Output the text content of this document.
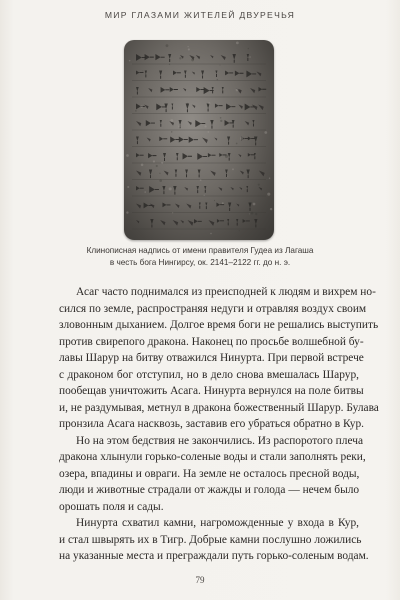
МИР ГЛАЗАМИ ЖИТЕЛЕЙ ДВУРЕЧЬЯ
Клинописная надпись от имени правителя Гудеа из Лагаша
в честь бога Нингирсу, ок. 2141–2122 гг. до н. э.
Асаг часто поднимался из преисподней к людям и вихрем но-
сился по земле, распространяя недуги и отравляя воздух своим
зловонным дыханием. Долгое время боги не решались выступить
против свирепого дракона. Наконец по просьбе волшебной бу-
лавы Шарур на битву отважился Нинурта. При первой встрече
с драконом бог отступил, но в дело снова вмешалась Шарур,
пообещав уничтожить Асага. Нинурта вернулся на поле битвы
и, не раздумывая, метнул в дракона божественный Шарур. Булава
пронзила Асага насквозь, заставив его убраться обратно в Кур.
Но на этом бедствия не закончились. Из распоротого плеча
дракона хлынули горько-соленые воды и стали заполнять реки,
озера, впадины и овраги. На земле не осталось пресной воды,
люди и животные страдали от жажды и голода — нечем было
орошать поля и сады.
Нинурта схватил камни, нагроможденные у входа в Кур,
и стал швырять их в Тигр. Добрые камни послушно ложились
на указанные места и преграждали путь горько-соленым водам.
79
